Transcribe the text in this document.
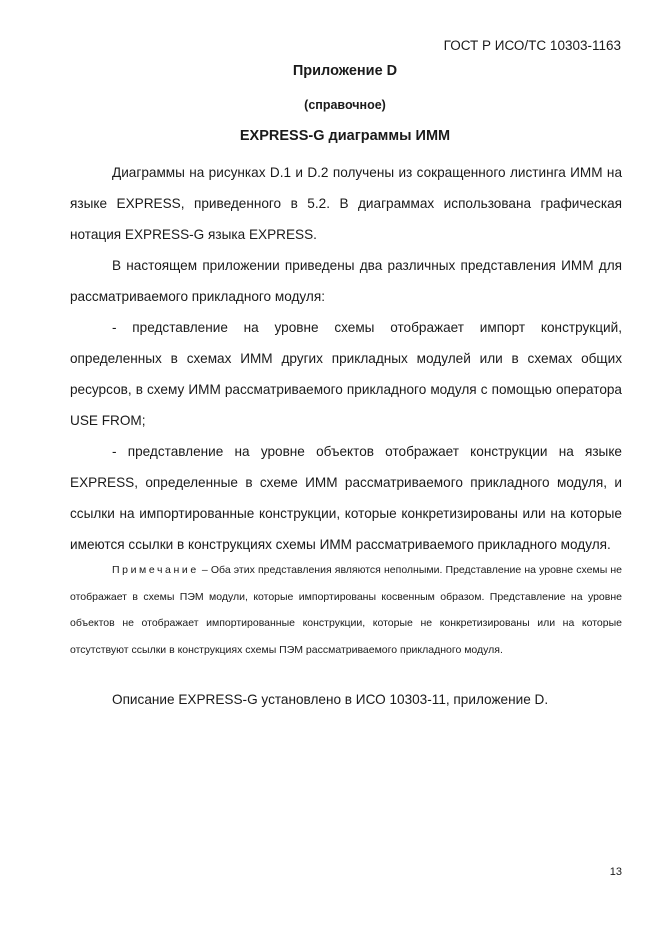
ГОСТ Р ИСО/ТС 10303-1163
Приложение D
(справочное)
EXPRESS-G диаграммы ИММ

Диаграммы на рисунках D.1 и D.2 получены из сокращенного листинга ИММ на языке EXPRESS, приведенного в 5.2. В диаграммах использована графическая нотация EXPRESS-G языка EXPRESS.

В настоящем приложении приведены два различных представления ИММ для рассматриваемого прикладного модуля:

- представление на уровне схемы отображает импорт конструкций, определенных в схемах ИММ других прикладных модулей или в схемах общих ресурсов, в схему ИММ рассматриваемого прикладного модуля с помощью оператора USE FROM;

- представление на уровне объектов отображает конструкции на языке EXPRESS, определенные в схеме ИММ рассматриваемого прикладного модуля, и ссылки на импортированные конструкции, которые конкретизированы или на которые имеются ссылки в конструкциях схемы ИММ рассматриваемого прикладного модуля.

Примечание – Оба этих представления являются неполными. Представление на уровне схемы не отображает в схемы ПЭМ модули, которые импортированы косвенным образом. Представление на уровне объектов не отображает импортированные конструкции, которые не конкретизированы или на которые отсутствуют ссылки в конструкциях схемы ПЭМ рассматриваемого прикладного модуля.

Описание EXPRESS-G установлено в ИСО 10303-11, приложение D.

13
